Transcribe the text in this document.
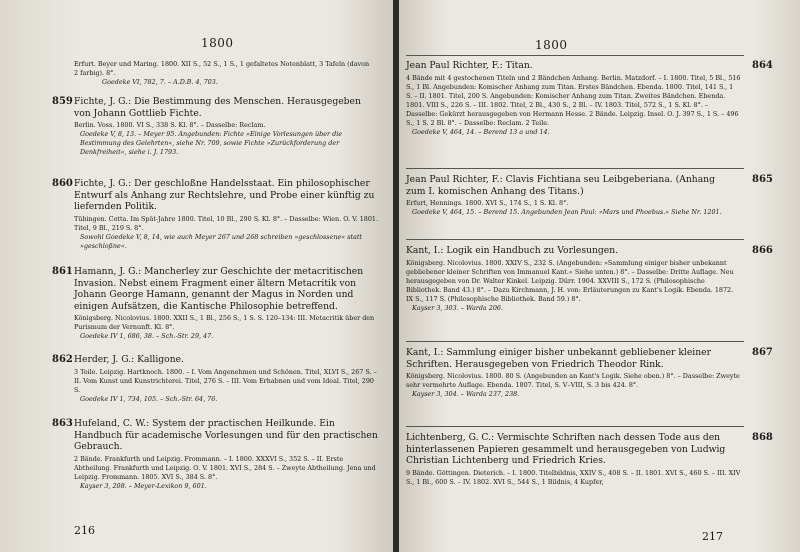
1800
Erfurt. Beyer und Maring. 1800. XII S., 52 S., 1 S., 1 gefaltetes Notenblatt, 3 Tafeln (davon 2 farbig). 8°.
Goedeke VI, 782, 7. – A.D.B. 4, 703.
859 Fichte, J. G.: Die Bestimmung des Menschen. Herausgegeben von Johann Gottlieb Fichte.
Berlin. Voss. 1800. VI S., 338 S. Kl. 8°. – Dasselbe: Reclam.
Goedeke V, 8, 13. – Meyer 95. Angebunden: Fichte »Einige Vorlesungen über die Bestimmung des Gelehrten«, siehe Nr. 709, sowie Fichte »Zurückforderung der Denkfreiheit«, siehe i. J. 1793.
860 Fichte, J. G.: Der geschloßne Handelsstaat. Ein philosophischer Entwurf als Anhang zur Rechtslehre, und Probe einer künftig zu liefernden Politik.
Tübingen. Cotta. Im Spät-Jahre 1800. Titel, 10 Bl., 290 S. Kl. 8°. – Dasselbe: Wien. O. V. 1801. Titel, 9 Bl., 219 S. 8°.
Sowohl Goedeke V, 8, 14, wie auch Meyer 267 und 268 schreiben »geschlossene« statt »geschloßne«.
861 Hamann, J. G.: Mancherley zur Geschichte der metacritischen Invasion. Nebst einem Fragment einer ältern Metacritik von Johann George Hamann, genannt der Magus in Norden und einigen Aufsätzen, die Kantische Philosophie betreffend.
Königsberg. Nicolovius. 1800. XXII S., 1 Bl., 256 S., 1 S. S. 120–134: III. Metacritik über den Purismum der Vernunft. Kl. 8°.
Goedeke IV 1, 686, 38. – Sch.-Str. 29, 47.
862 Herder, J. G.: Kalligone.
3 Teile. Leipzig. Hartknoch. 1800. – I. Vom Angenehmen und Schönen. Titel, XLVI S., 267 S. – II. Vom Kunst und Kunstrichterei. Titel, 276 S. – III. Vom Erhabnen und vom Ideal. Titel, 290 S.
Goedeke IV 1, 734, 105. – Sch.-Str. 64, 76.
863 Hufeland, C. W.: System der practischen Heilkunde. Ein Handbuch für academische Vorlesungen und für den practischen Gebrauch.
2 Bände. Frankfurth und Leipzig. Frommann. – I. 1800. XXXVI S., 352 S. – II. Erste Abtheilung. Frankfurth und Leipzig. O. V. 1801. XVI S., 284 S. – Zweyte Abtheilung. Jena und Leipzig. Frommann. 1805. XVI S., 384 S. 8°.
Kayser 3, 208. – Meyer-Lexikon 9, 601.
216
1800
864
Jean Paul Richter, F.: Titan.
4 Bände mit 4 gestochenen Titeln und 2 Bändchen Anhang. Berlin. Matzdorf. – I. 1800. Titel, 5 Bl., 516 S., 1 Bl. Angebunden: Komischer Anhang zum Titan. Erstes Bändchen. Ebenda. 1800. Titel, 141 S., 1 S. – II. 1801. Titel, 200 S. Angebunden: Komischer Anhang zum Titan. Zweites Bändchen. Ebenda. 1801. VIII S., 226 S. – III. 1802. Titel, 2 Bl., 430 S., 2 Bl. – IV. 1803. Titel, 572 S., 1 S. Kl. 8°. – Dasselbe: Gekürzt herausgegeben von Hermann Hesse. 2 Bände. Leipzig. Insel. O. J. 397 S., 1 S. – 496 S., 1 S. 2 Bl. 8°. – Dasselbe: Reclam. 2 Teile.
Goedeke V, 464, 14. – Berend 13 a und 14.
865
Jean Paul Richter, F.: Clavis Fichtiana seu Leibgeberiana. (Anhang zum I. komischen Anhang des Titans.)
Erfurt, Hennings. 1800. XVI S., 174 S., 1 S. Kl. 8°.
Goedeke V, 464, 15. – Berend 15. Angebunden Jean Paul: »Mars und Phoebus.« Siehe Nr. 1201.
866
Kant, I.: Logik ein Handbuch zu Vorlesungen.
Königsberg. Nicolovius. 1800. XXIV S., 232 S. (Angebunden: »Sammlung einiger bisher unbekannt gebliebener kleiner Schriften von Immanuel Kant.« Siehe unten.) 8°. – Dasselbe: Dritte Auflage. Neu herausgegeben von Dr. Walter Kinkel. Leipzig. Dürr. 1904. XXVIII S., 172 S. (Philosophische Bibliothek. Band 43.) 8°. – Dazu Kirchmann, J. H. von: Erläuterungen zu Kant's Logik. Ebenda. 1872. IX S., 117 S. (Philosophische Bibliothek. Band 59.) 8°.
Kayser 3, 303. – Warda 206.
867
Kant, I.: Sammlung einiger bisher unbekannt gebliebener kleiner Schriften. Herausgegeben von Friedrich Theodor Rink.
Königsberg. Nicolovius. 1800. 80 S. (Angebunden an Kant's Logik. Siehe oben.) 8°. – Dasselbe: Zweyte sehr vermehrte Auflage. Ebenda. 1807. Titel, S. V–VIII, S. 3 bis 424. 8°.
Kayser 3, 304. – Warda 237, 238.
868
Lichtenberg, G. C.: Vermischte Schriften nach dessen Tode aus den hinterlassenen Papieren gesammelt und herausgegeben von Ludwig Christian Lichtenberg und Friedrich Kries.
9 Bände. Göttingen. Dieterich. – I. 1800. Titelbildnis, XXIV S., 408 S. – II. 1801. XVI S., 460 S. – III. XIV S., 1 Bl., 600 S. – IV. 1802. XVI S., 544 S., 1 Bildnis, 4 Kupfer,
217
